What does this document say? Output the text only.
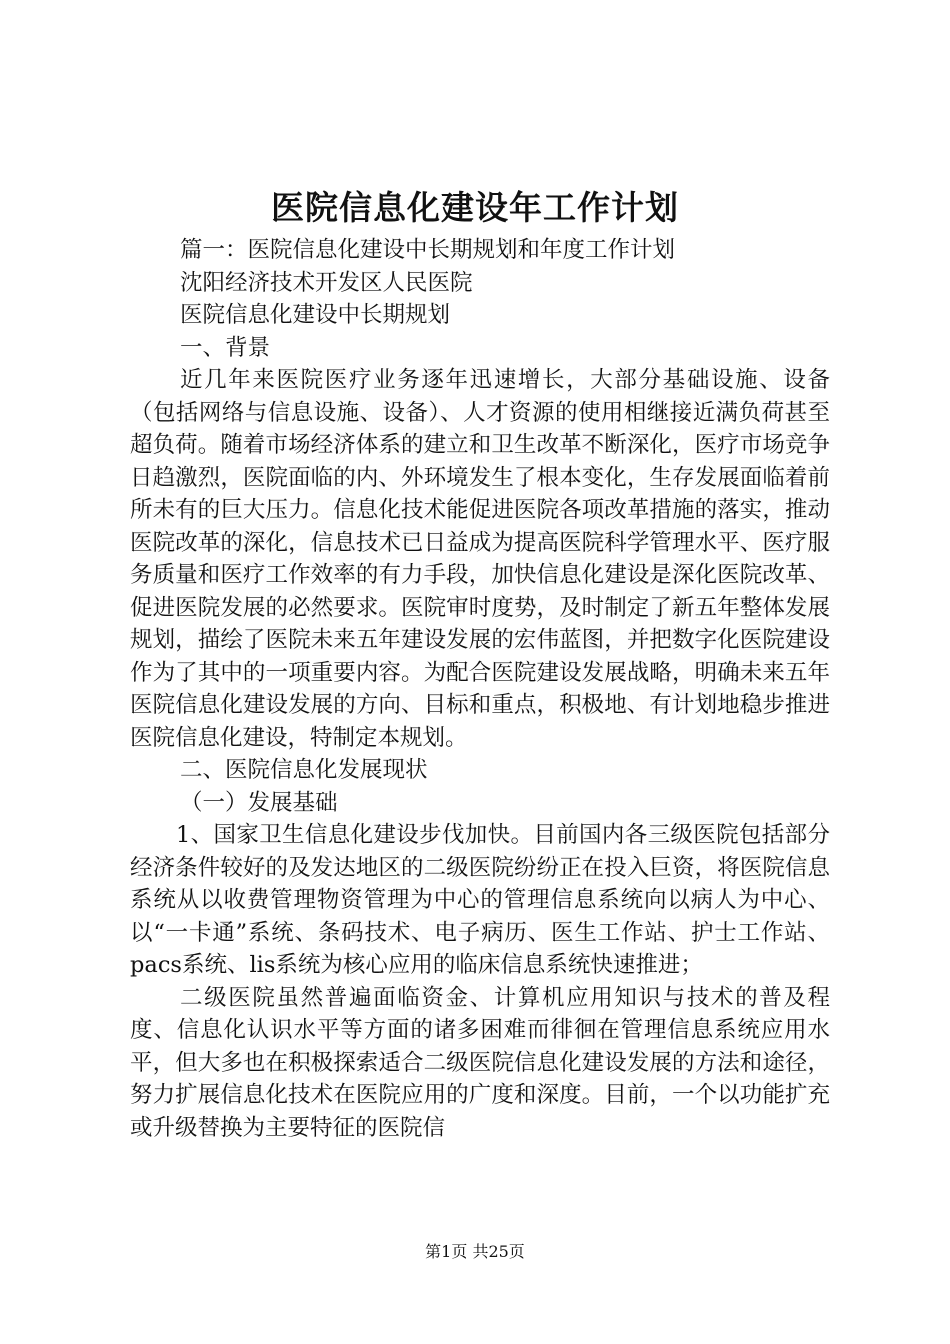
医院信息化建设年工作计划

篇一：医院信息化建设中长期规划和年度工作计划

沈阳经济技术开发区人民医院

医院信息化建设中长期规划

一、背景

近几年来医院医疗业务逐年迅速增长，大部分基础设施、设备（包括网络与信息设施、设备）、人才资源的使用相继接近满负荷甚至超负荷。随着市场经济体系的建立和卫生改革不断深化，医疗市场竞争日趋激烈，医院面临的内、外环境发生了根本变化，生存发展面临着前所未有的巨大压力。信息化技术能促进医院各项改革措施的落实，推动医院改革的深化，信息技术已日益成为提高医院科学管理水平、医疗服务质量和医疗工作效率的有力手段，加快信息化建设是深化医院改革、促进医院发展的必然要求。医院审时度势，及时制定了新五年整体发展规划，描绘了医院未来五年建设发展的宏伟蓝图，并把数字化医院建设作为了其中的一项重要内容。为配合医院建设发展战略，明确未来五年医院信息化建设发展的方向、目标和重点，积极地、有计划地稳步推进医院信息化建设，特制定本规划。

二、医院信息化发展现状

（一）发展基础

1、国家卫生信息化建设步伐加快。目前国内各三级医院包括部分经济条件较好的及发达地区的二级医院纷纷正在投入巨资，将医院信息系统从以收费管理物资管理为中心的管理信息系统向以病人为中心、以“一卡通”系统、条码技术、电子病历、医生工作站、护士工作站、pacs系统、lis系统为核心应用的临床信息系统快速推进；

二级医院虽然普遍面临资金、计算机应用知识与技术的普及程度、信息化认识水平等方面的诸多困难而徘徊在管理信息系统应用水平，但大多也在积极探索适合二级医院信息化建设发展的方法和途径，努力扩展信息化技术在医院应用的广度和深度。目前，一个以功能扩充或升级替换为主要特征的医院信

第1页 共25页
